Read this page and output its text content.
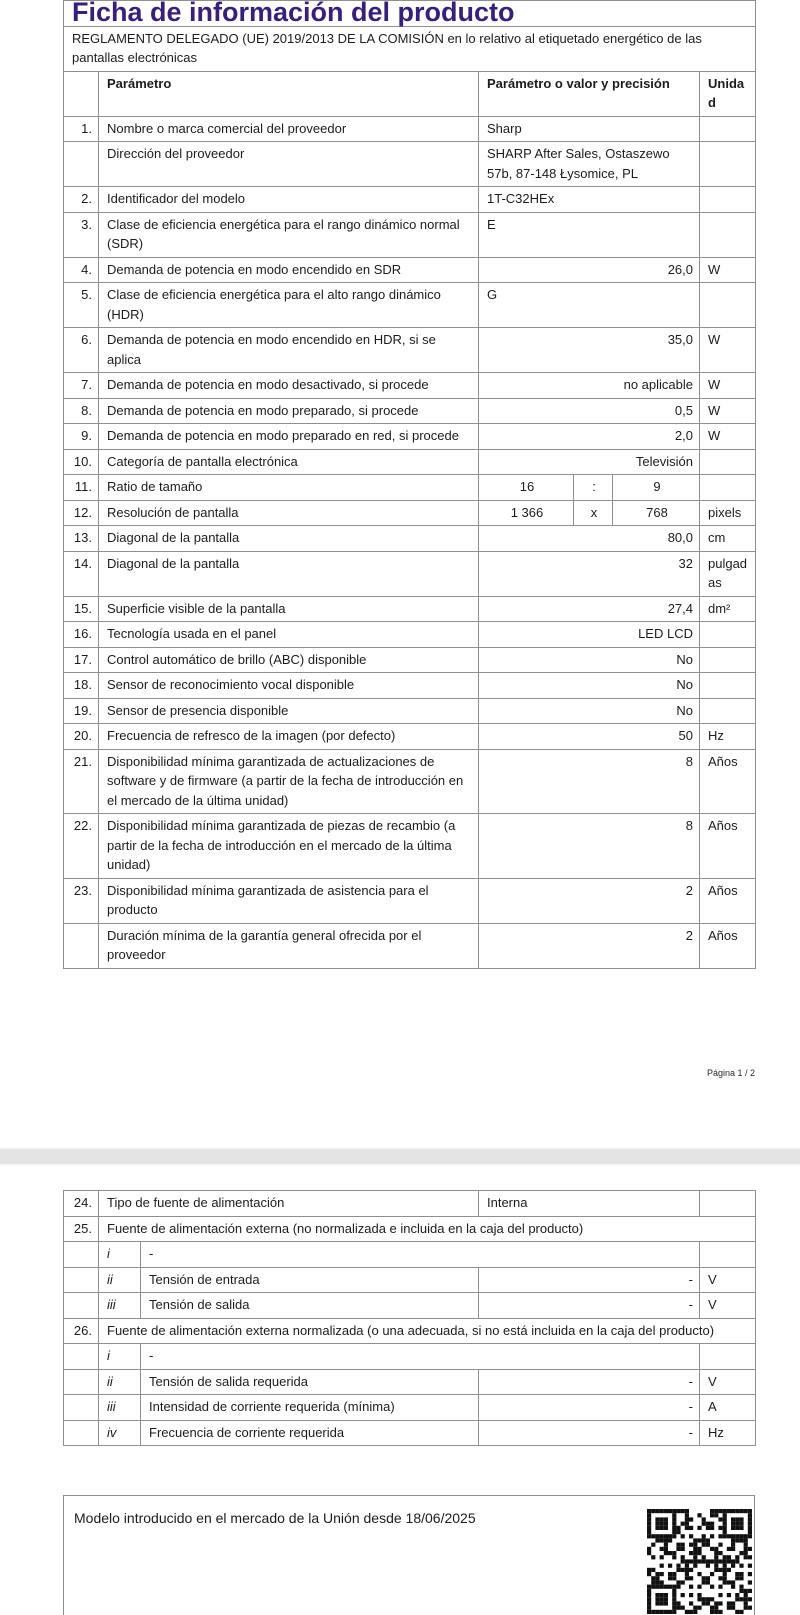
Ficha de información del producto					
REGLAMENTO DELEGADO (UE) 2019/2013 DE LA COMISIÓN en lo relativo al etiquetado energético de las pantallas electrónicas					
	Parámetro	Parámetro o valor y precisión			Unidad
1.	Nombre o marca comercial del proveedor	Sharp			
	Dirección del proveedor	SHARP After Sales, Ostaszewo 57b, 87-148 Łysomice, PL			
2.	Identificador del modelo	1T-C32HEx			
3.	Clase de eficiencia energética para el rango dinámico normal (SDR)	E			
4.	Demanda de potencia en modo encendido en SDR	26,0			W
5.	Clase de eficiencia energética para el alto rango dinámico (HDR)	G			
6.	Demanda de potencia en modo encendido en HDR, si se aplica	35,0			W
7.	Demanda de potencia en modo desactivado, si procede	no aplicable			W
8.	Demanda de potencia en modo preparado, si procede	0,5			W
9.	Demanda de potencia en modo preparado en red, si procede	2,0			W
10.	Categoría de pantalla electrónica	Televisión			
11.	Ratio de tamaño	16	:	9	
12.	Resolución de pantalla	1 366	x	768	pixels
13.	Diagonal de la pantalla	80,0			cm
14.	Diagonal de la pantalla	32			pulgadas
15.	Superficie visible de la pantalla	27,4			dm²
16.	Tecnología usada en el panel	LED LCD			
17.	Control automático de brillo (ABC) disponible	No			
18.	Sensor de reconocimiento vocal disponible	No			
19.	Sensor de presencia disponible	No			
20.	Frecuencia de refresco de la imagen (por defecto)	50			Hz
21.	Disponibilidad mínima garantizada de actualizaciones de software y de firmware (a partir de la fecha de introducción en el mercado de la última unidad)	8			Años
22.	Disponibilidad mínima garantizada de piezas de recambio (a partir de la fecha de introducción en el mercado de la última unidad)	8			Años
23.	Disponibilidad mínima garantizada de asistencia para el producto	2			Años
	Duración mínima de la garantía general ofrecida por el proveedor	2			Años
Página 1 / 2
24.	Tipo de fuente de alimentación		Interna	
25.	Fuente de alimentación externa (no normalizada e incluida en la caja del producto)			
	i	-		
	ii	Tensión de entrada	-	V
	iii	Tensión de salida	-	V
26.	Fuente de alimentación externa normalizada (o una adecuada, si no está incluida en la caja del producto)			
	i	-		
	ii	Tensión de salida requerida	-	V
	iii	Intensidad de corriente requerida (mínima)	-	A
	iv	Frecuencia de corriente requerida	-	Hz
Modelo introducido en el mercado de la Unión desde 18/06/2025
